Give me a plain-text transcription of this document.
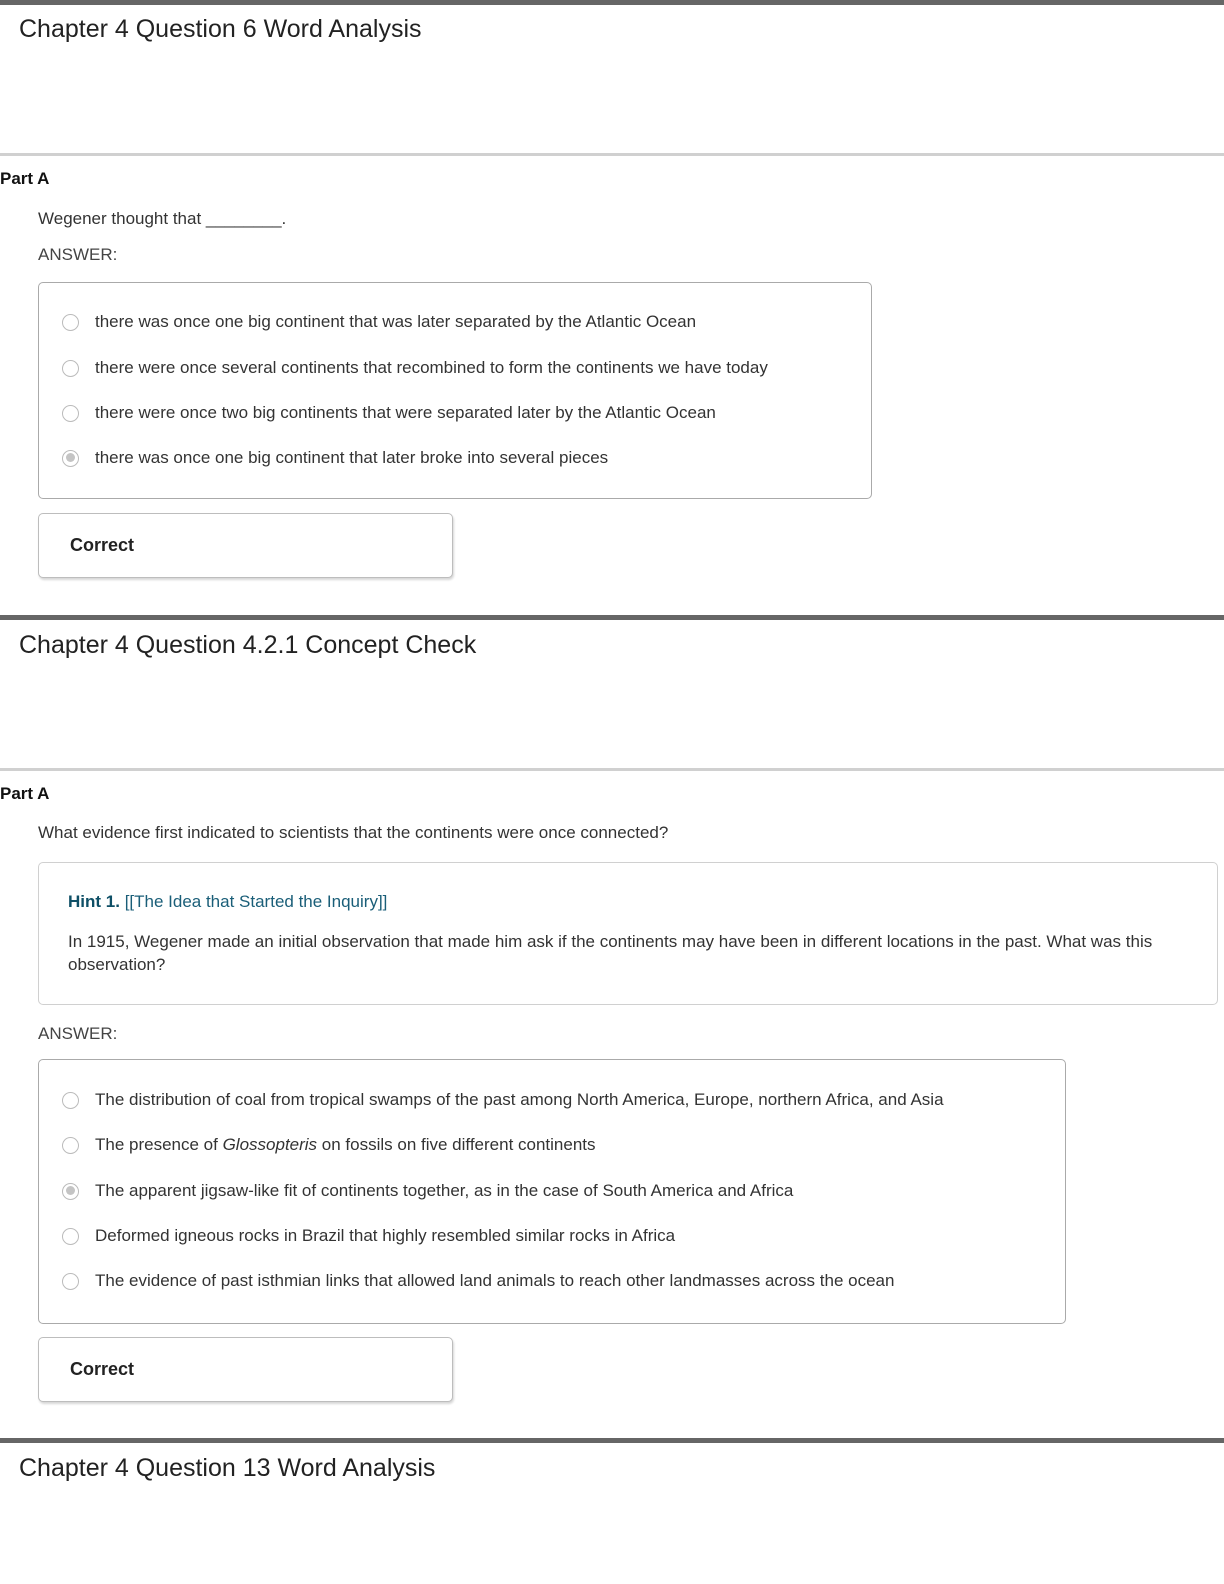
Chapter 4 Question 6 Word Analysis
Part A
Wegener thought that ________.
ANSWER:
there was once one big continent that was later separated by the Atlantic Ocean
there were once several continents that recombined to form the continents we have today
there were once two big continents that were separated later by the Atlantic Ocean
there was once one big continent that later broke into several pieces
Correct
Chapter 4 Question 4.2.1 Concept Check
Part A
What evidence first indicated to scientists that the continents were once connected?
Hint 1. [[The Idea that Started the Inquiry]]
In 1915, Wegener made an initial observation that made him ask if the continents may have been in different locations in the past. What was this observation?
ANSWER:
The distribution of coal from tropical swamps of the past among North America, Europe, northern Africa, and Asia
The presence of Glossopteris on fossils on five different continents
The apparent jigsaw-like fit of continents together, as in the case of South America and Africa
Deformed igneous rocks in Brazil that highly resembled similar rocks in Africa
The evidence of past isthmian links that allowed land animals to reach other landmasses across the ocean
Correct
Chapter 4 Question 13 Word Analysis
